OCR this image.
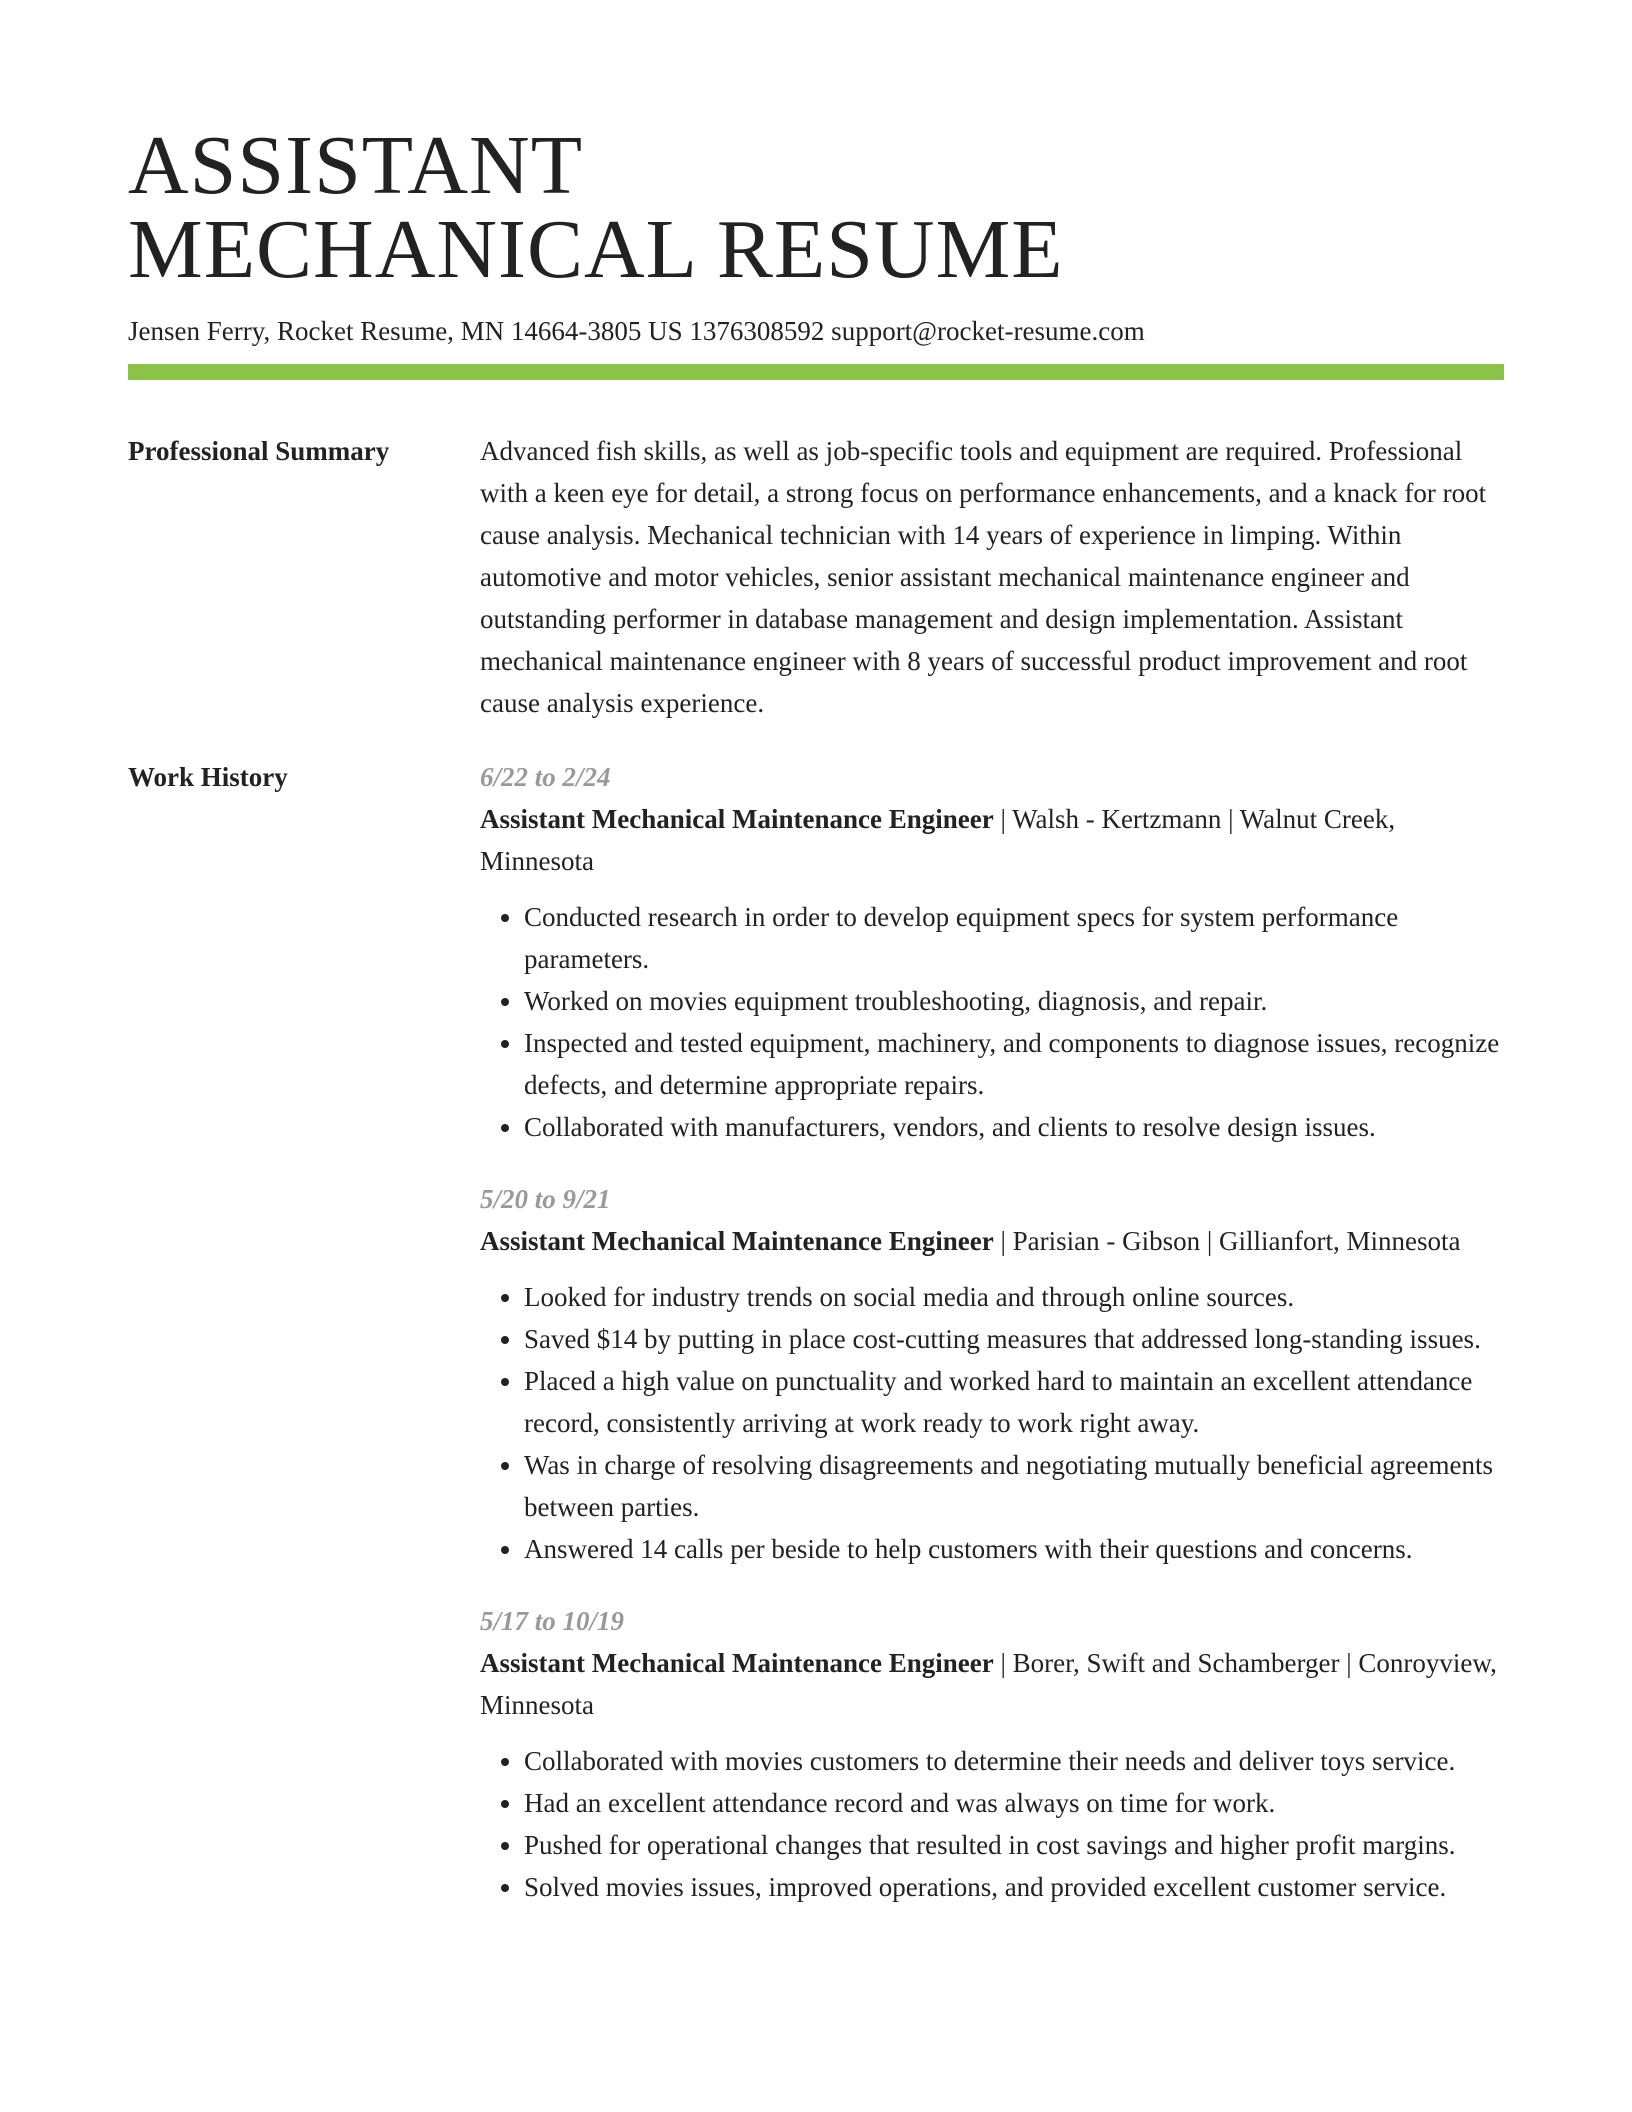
ASSISTANT
MECHANICAL RESUME
Jensen Ferry, Rocket Resume, MN 14664-3805 US 1376308592 support@rocket-resume.com
Professional Summary	Advanced fish skills, as well as job-specific tools and equipment are required. Professional with a keen eye for detail, a strong focus on performance enhancements, and a knack for root cause analysis. Mechanical technician with 14 years of experience in limping. Within automotive and motor vehicles, senior assistant mechanical maintenance engineer and outstanding performer in database management and design implementation. Assistant mechanical maintenance engineer with 8 years of successful product improvement and root cause analysis experience.
Work History	6/22 to 2/24
Assistant Mechanical Maintenance Engineer | Walsh - Kertzmann | Walnut Creek, Minnesota
• Conducted research in order to develop equipment specs for system performance parameters.
• Worked on movies equipment troubleshooting, diagnosis, and repair.
• Inspected and tested equipment, machinery, and components to diagnose issues, recognize defects, and determine appropriate repairs.
• Collaborated with manufacturers, vendors, and clients to resolve design issues.
5/20 to 9/21
Assistant Mechanical Maintenance Engineer | Parisian - Gibson | Gillianfort, Minnesota
• Looked for industry trends on social media and through online sources.
• Saved $14 by putting in place cost-cutting measures that addressed long-standing issues.
• Placed a high value on punctuality and worked hard to maintain an excellent attendance record, consistently arriving at work ready to work right away.
• Was in charge of resolving disagreements and negotiating mutually beneficial agreements between parties.
• Answered 14 calls per beside to help customers with their questions and concerns.
5/17 to 10/19
Assistant Mechanical Maintenance Engineer | Borer, Swift and Schamberger | Conroyview, Minnesota
• Collaborated with movies customers to determine their needs and deliver toys service.
• Had an excellent attendance record and was always on time for work.
• Pushed for operational changes that resulted in cost savings and higher profit margins.
• Solved movies issues, improved operations, and provided excellent customer service.
